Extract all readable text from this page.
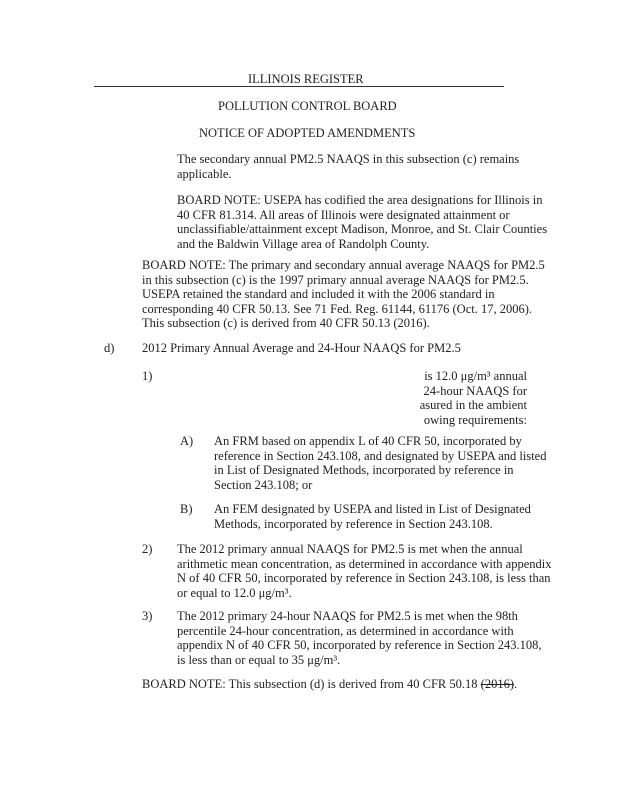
ILLINOIS REGISTER
POLLUTION CONTROL BOARD
NOTICE OF ADOPTED AMENDMENTS
The secondary annual PM2.5 NAAQS in this subsection (c) remains
applicable.
BOARD NOTE: USEPA has codified the area designations for Illinois in
40 CFR 81.314. All areas of Illinois were designated attainment or
unclassifiable/attainment except Madison, Monroe, and St. Clair Counties
and the Baldwin Village area of Randolph County.
BOARD NOTE: The primary and secondary annual average NAAQS for PM2.5
in this subsection (c) is the 1997 primary annual average NAAQS for PM2.5.
USEPA retained the standard and included it with the 2006 standard in
corresponding 40 CFR 50.13. See 71 Fed. Reg. 61144, 61176 (Oct. 17, 2006).
This subsection (c) is derived from 40 CFR 50.13 (2016).
d) 2012 Primary Annual Average and 24-Hour NAAQS for PM2.5
1)	is 12.0 μg/m³ annual
24-hour NAAQS for
asured in the ambient
owing requirements:
A) An FRM based on appendix L of 40 CFR 50, incorporated by
reference in Section 243.108, and designated by USEPA and listed
in List of Designated Methods, incorporated by reference in
Section 243.108; or
B) An FEM designated by USEPA and listed in List of Designated
Methods, incorporated by reference in Section 243.108.
2) The 2012 primary annual NAAQS for PM2.5 is met when the annual
arithmetic mean concentration, as determined in accordance with appendix
N of 40 CFR 50, incorporated by reference in Section 243.108, is less than
or equal to 12.0 μg/m³.
3) The 2012 primary 24-hour NAAQS for PM2.5 is met when the 98th
percentile 24-hour concentration, as determined in accordance with
appendix N of 40 CFR 50, incorporated by reference in Section 243.108,
is less than or equal to 35 μg/m³.
BOARD NOTE: This subsection (d) is derived from 40 CFR 50.18 (2016).
